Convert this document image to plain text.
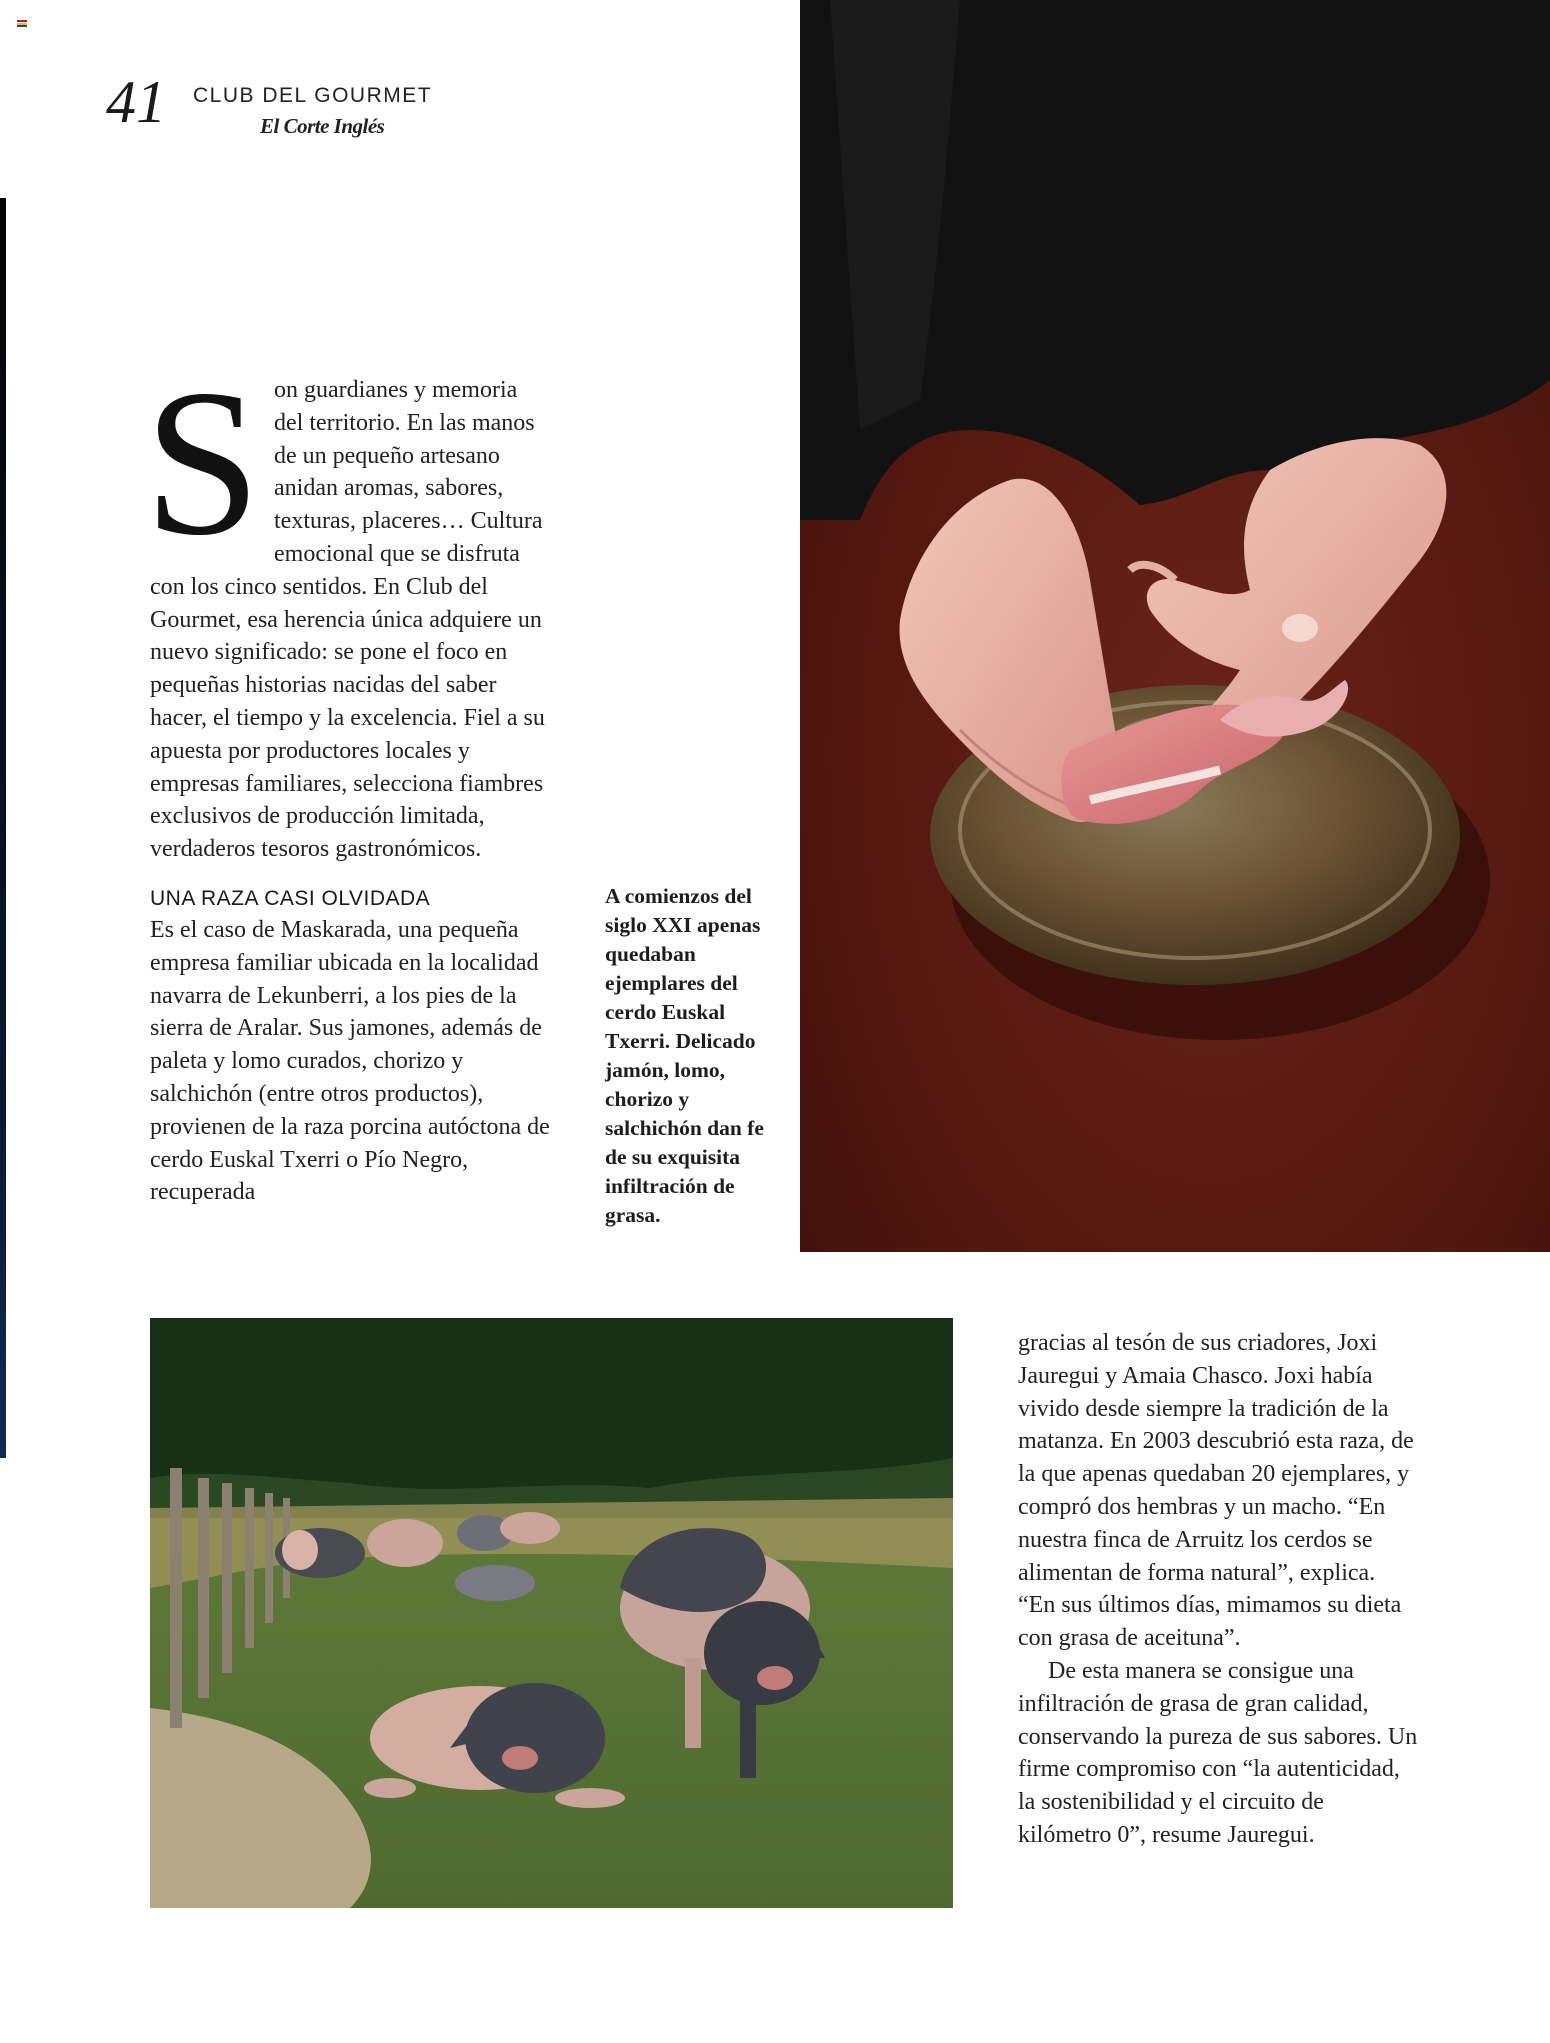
41 CLUB DEL GOURMET
El Corte Inglés
S on guardianes y memoria del territorio. En las manos de un pequeño artesano anidan aromas, sabores, texturas, placeres… Cultura emocional que se disfruta con los cinco sentidos. En Club del Gourmet, esa herencia única adquiere un nuevo significado: se pone el foco en pequeñas historias nacidas del saber hacer, el tiempo y la excelencia. Fiel a su apuesta por productores locales y empresas familiares, selecciona fiambres exclusivos de producción limitada, verdaderos tesoros gastronómicos.

UNA RAZA CASI OLVIDADA

Es el caso de Maskarada, una pequeña empresa familiar ubicada en la localidad navarra de Lekunberri, a los pies de la sierra de Aralar. Sus jamones, además de paleta y lomo curados, chorizo y salchichón (entre otros productos), provienen de la raza porcina autóctona de cerdo Euskal Txerri o Pío Negro, recuperada

A comienzos del siglo XXI apenas quedaban ejemplares del cerdo Euskal Txerri. Delicado jamón, lomo, chorizo y salchichón dan fe de su exquisita infiltración de grasa.

gracias al tesón de sus criadores, Joxi Jauregui y Amaia Chasco. Joxi había vivido desde siempre la tradición de la matanza. En 2003 descubrió esta raza, de la que apenas quedaban 20 ejemplares, y compró dos hembras y un macho. “En nuestra finca de Arruitz los cerdos se alimentan de forma natural”, explica. “En sus últimos días, mimamos su dieta con grasa de aceituna”.

De esta manera se consigue una infiltración de grasa de gran calidad, conservando la pureza de sus sabores. Un firme compromiso con “la autenticidad, la sostenibilidad y el circuito de kilómetro 0”, resume Jauregui.
